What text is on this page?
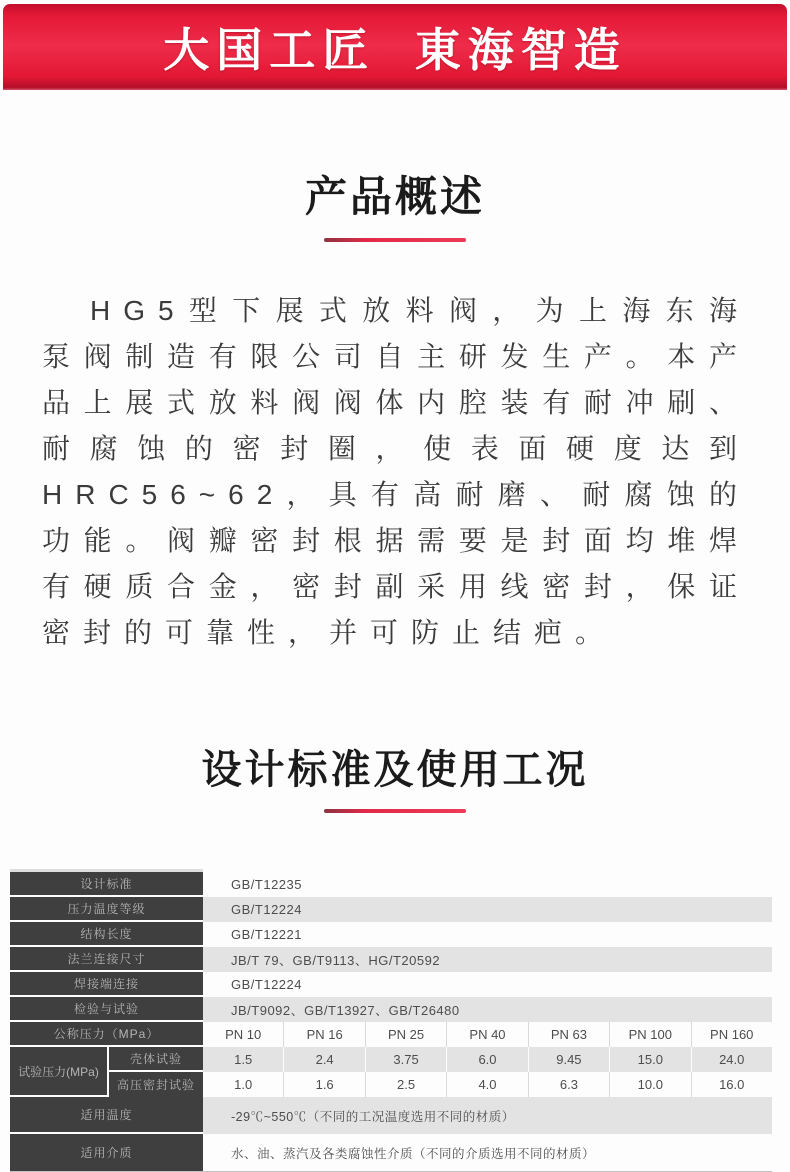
大国工匠  東海智造
产品概述

HG5型下展式放料阀，为上海东海泵阀制造有限公司自主研发生产。本产品上展式放料阀阀体内腔装有耐冲刷、耐腐蚀的密封圈，使表面硬度达到HRC56~62，具有高耐磨、耐腐蚀的功能。阀瓣密封根据需要是封面均堆焊有硬质合金，密封副采用线密封，保证密封的可靠性，并可防止结疤。

设计标准及使用工况
设计标准	GB/T12235
压力温度等级	GB/T12224
结构长度	GB/T12221
法兰连接尺寸	JB/T 79、GB/T9113、HG/T20592
焊接端连接	GB/T12224
检验与试验	JB/T9092、GB/T13927、GB/T26480
公称压力（MPa）	PN 10	PN 16	PN 25	PN 40	PN 63	PN 100	PN 160
试验压力(MPa)
壳体试验	1.5	2.4	3.75	6.0	9.45	15.0	24.0
高压密封试验	1.0	1.6	2.5	4.0	6.3	10.0	16.0
适用温度	-29℃~550℃（不同的工况温度选用不同的材质）
适用介质	水、油、蒸汽及各类腐蚀性介质（不同的介质选用不同的材质）
